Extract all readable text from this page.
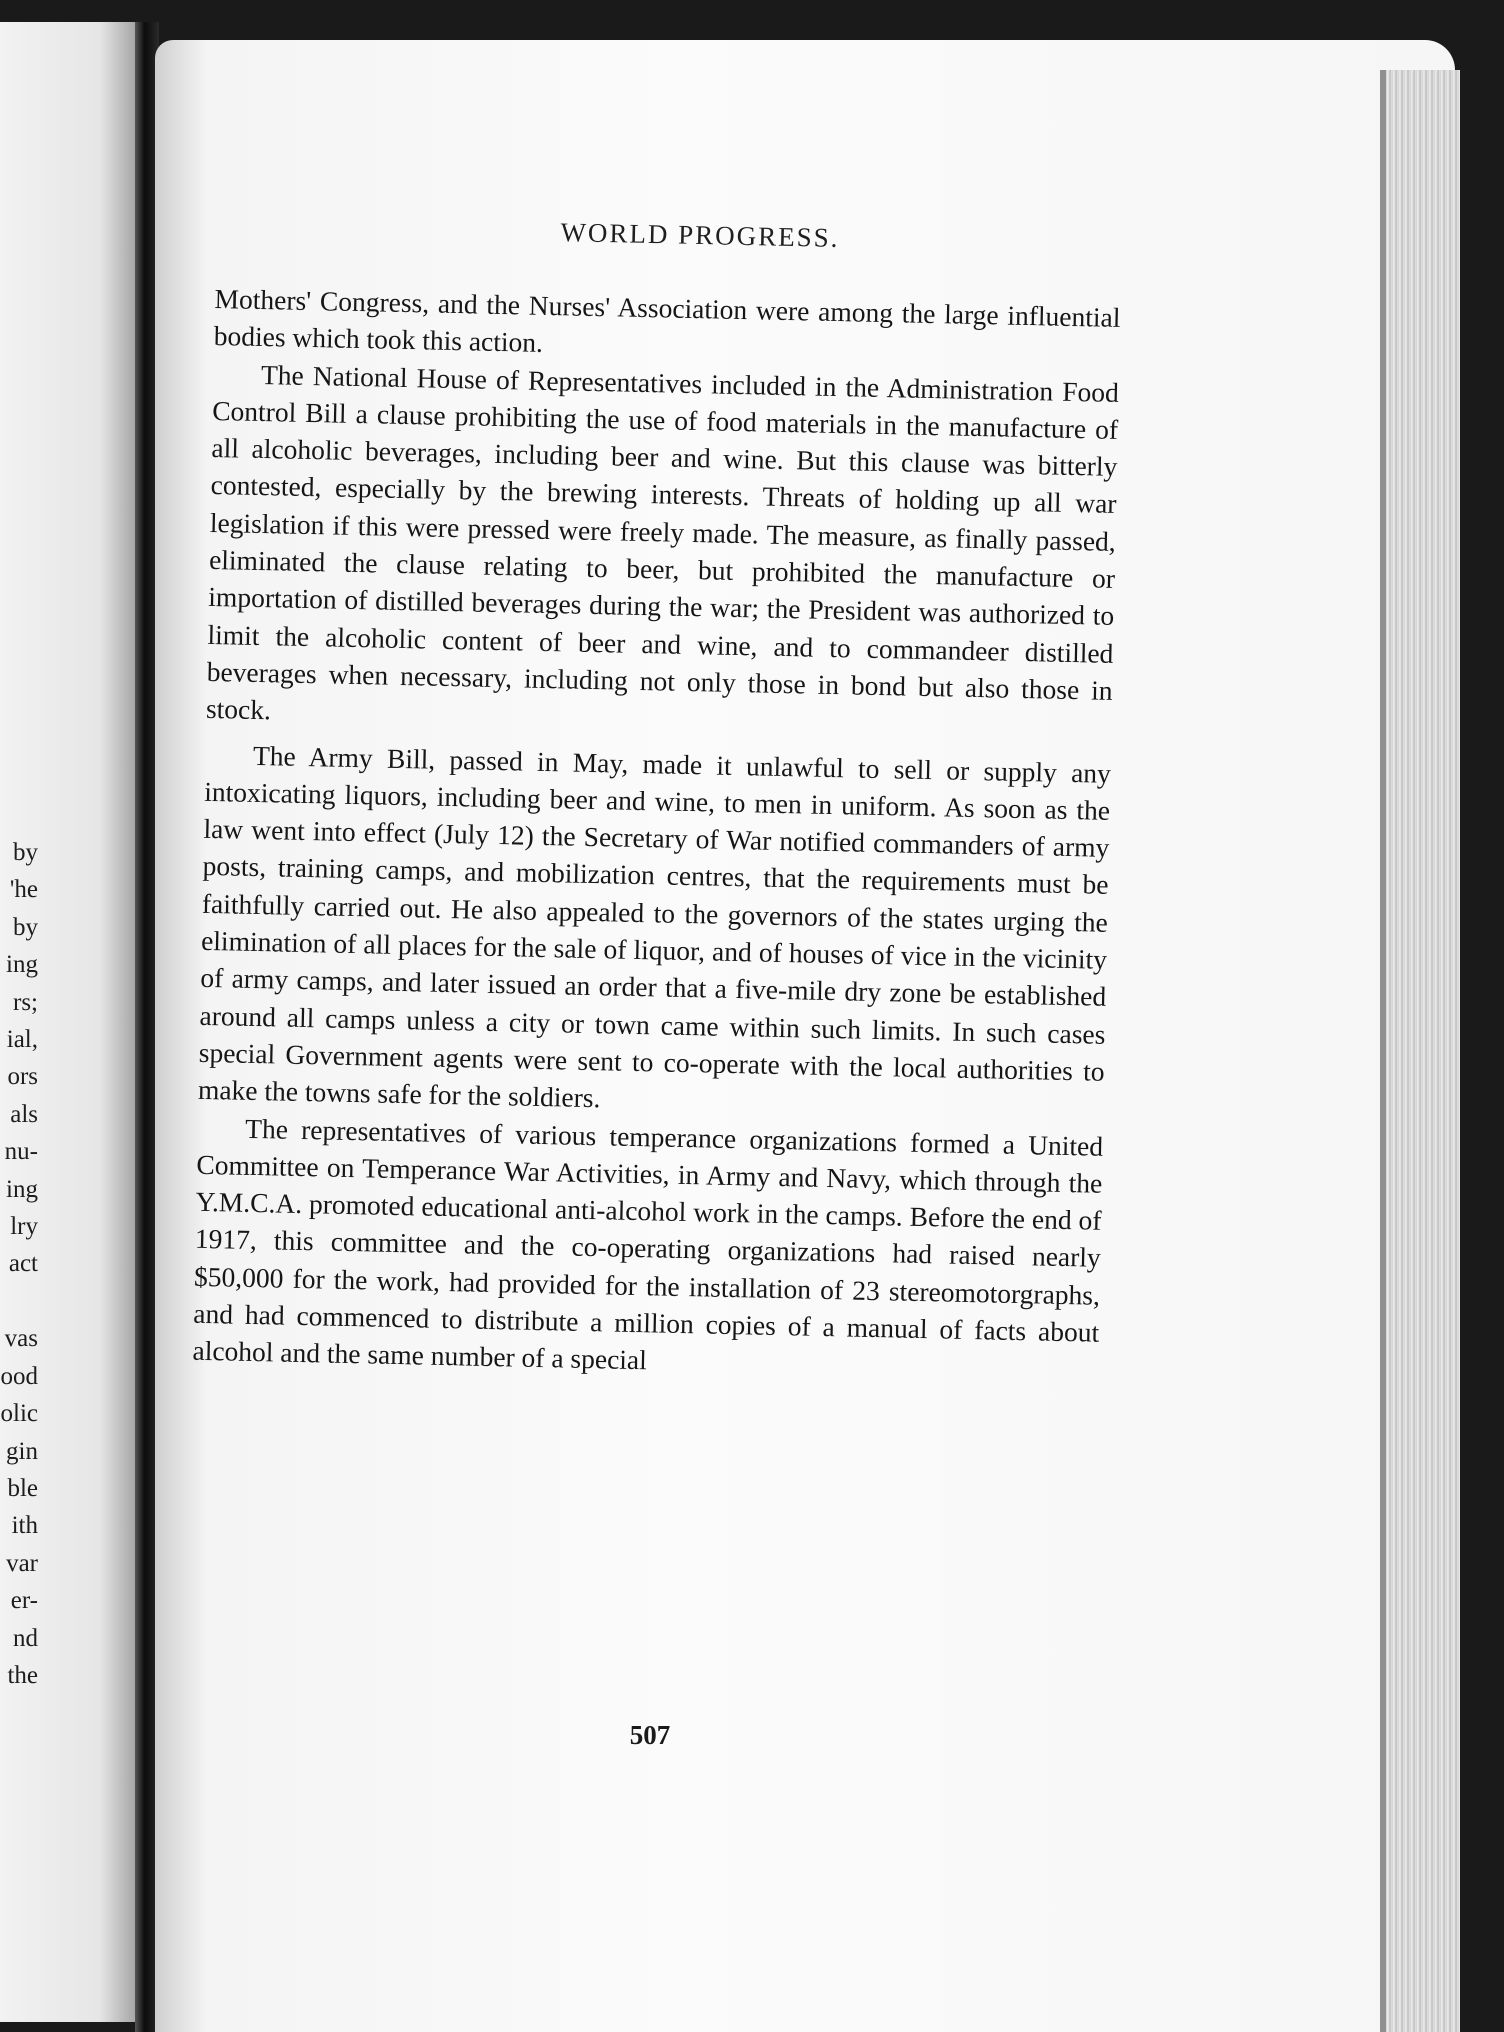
by
'he
by
ing
rs;
ial,
ors
als
nu-
ing
lry
act

vas
ood
olic
gin
ble
ith
var
er-
nd
the
WORLD PROGRESS.

Mothers' Congress, and the Nurses' Association were among the large influential bodies which took this action.

The National House of Representatives included in the Administration Food Control Bill a clause prohibiting the use of food materials in the manufacture of all alcoholic beverages, including beer and wine. But this clause was bitterly contested, especially by the brewing interests. Threats of holding up all war legislation if this were pressed were freely made. The measure, as finally passed, eliminated the clause relating to beer, but prohibited the manufacture or importation of distilled beverages during the war; the President was authorized to limit the alcoholic content of beer and wine, and to commandeer distilled beverages when necessary, including not only those in bond but also those in stock.

The Army Bill, passed in May, made it unlawful to sell or supply any intoxicating liquors, including beer and wine, to men in uniform. As soon as the law went into effect (July 12) the Secretary of War notified commanders of army posts, training camps, and mobilization centres, that the requirements must be faithfully carried out. He also appealed to the governors of the states urging the elimination of all places for the sale of liquor, and of houses of vice in the vicinity of army camps, and later issued an order that a five-mile dry zone be established around all camps unless a city or town came within such limits. In such cases special Government agents were sent to co-operate with the local authorities to make the towns safe for the soldiers.

The representatives of various temperance organizations formed a United Committee on Temperance War Activities, in Army and Navy, which through the Y.M.C.A. promoted educational anti-alcohol work in the camps. Before the end of 1917, this committee and the co-operating organizations had raised nearly $50,000 for the work, had provided for the installation of 23 stereomotorgraphs, and had commenced to distribute a million copies of a manual of facts about alcohol and the same number of a special

507
